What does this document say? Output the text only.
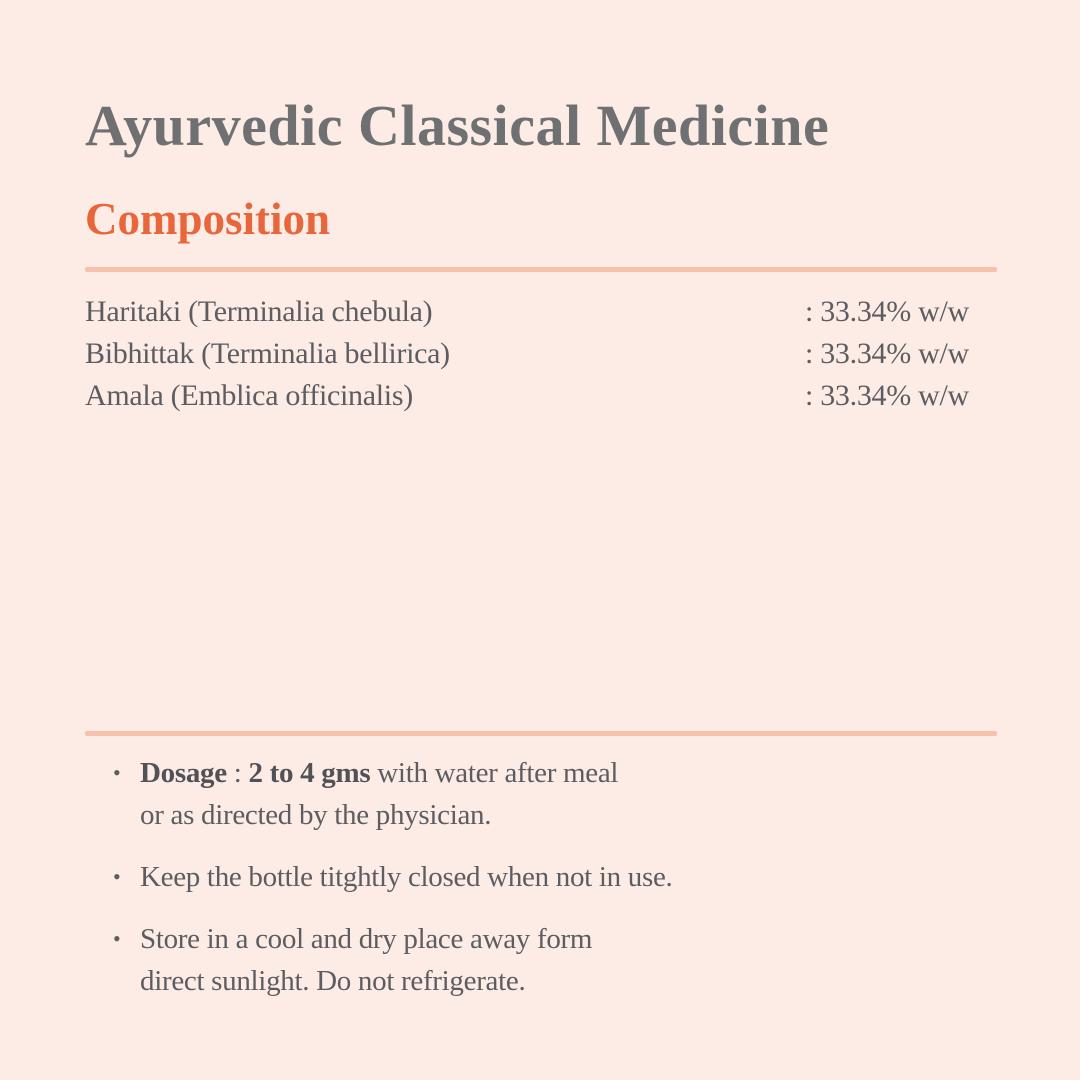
Ayurvedic Classical Medicine
Composition
Haritaki (Terminalia chebula)	: 33.34% w/w
Bibhittak (Terminalia bellirica)	: 33.34% w/w
Amala (Emblica officinalis)	: 33.34% w/w
• Dosage : 2 to 4 gms with water after meal
or as directed by the physician.

• Keep the bottle titghtly closed when not in use.

• Store in a cool and dry place away form
direct sunlight. Do not refrigerate.
